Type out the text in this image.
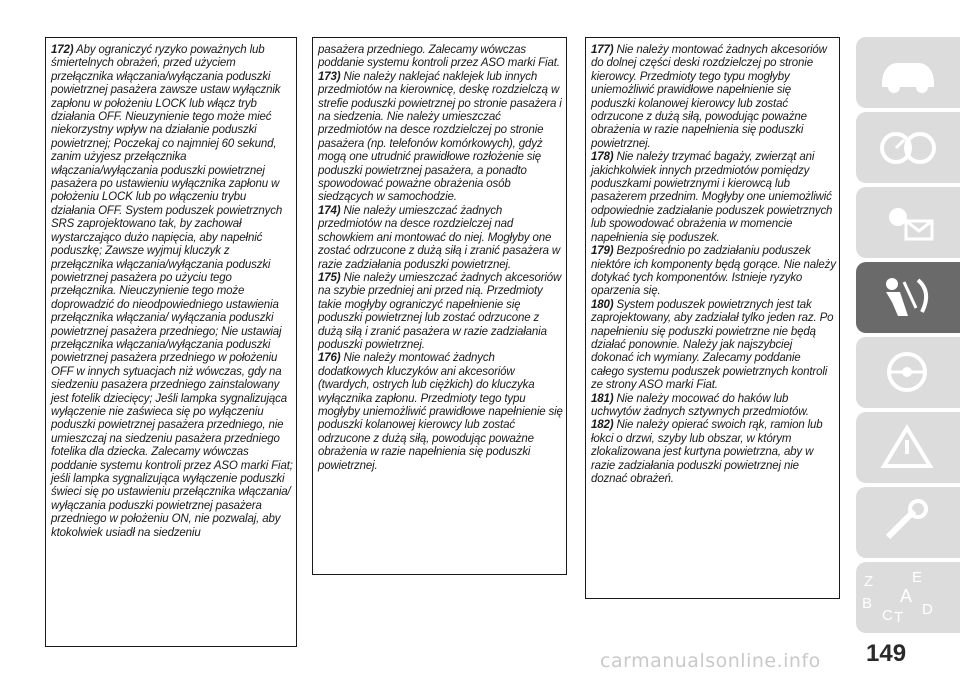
172) Aby ograniczyć ryzyko poważnych lub śmiertelnych obrażeń, przed użyciem przełącznika włączania/wyłączania poduszki powietrznej pasażera zawsze ustaw wyłącznik zapłonu w położeniu LOCK lub włącz tryb działania OFF. Nieuzynienie tego może mieć niekorzystny wpływ na działanie poduszki powietrznej; Poczekaj co najmniej 60 sekund, zanim użyjesz przełącznika włączania/wyłączania poduszki powietrznej pasażera po ustawieniu wyłącznika zapłonu w położeniu LOCK lub po włączeniu trybu działania OFF. System poduszek powietrznych SRS zaprojektowano tak, by zachował wystarczająco dużo napięcia, aby napełnić poduszkę; Zawsze wyjmuj kluczyk z przełącznika włączania/wyłączania poduszki powietrznej pasażera po użyciu tego przełącznika. Nieuczynienie tego może doprowadzić do nieodpowiedniego ustawienia przełącznika włączania/ wyłączania poduszki powietrznej pasażera przedniego; Nie ustawiaj przełącznika włączania/wyłączania poduszki powietrznej pasażera przedniego w położeniu OFF w innych sytuacjach niż wówczas, gdy na siedzeniu pasażera przedniego zainstalowany jest fotelik dziecięcy; Jeśli lampka sygnalizująca wyłączenie nie zaświeca się po wyłączeniu poduszki powietrznej pasażera przedniego, nie umieszczaj na siedzeniu pasażera przedniego fotelika dla dziecka. Zalecamy wówczas poddanie systemu kontroli przez ASO marki Fiat; jeśli lampka sygnalizująca wyłączenie poduszki świeci się po ustawieniu przełącznika włączania/ wyłączania poduszki powietrznej pasażera przedniego w położeniu ON, nie pozwalaj, aby ktokolwiek usiadł na siedzeniu

pasażera przedniego. Zalecamy wówczas poddanie systemu kontroli przez ASO marki Fiat.

173) Nie należy naklejać naklejek lub innych przedmiotów na kierownicę, deskę rozdzielczą w strefie poduszki powietrznej po stronie pasażera i na siedzenia. Nie należy umieszczać przedmiotów na desce rozdzielczej po stronie pasażera (np. telefonów komórkowych), gdyż mogą one utrudnić prawidłowe rozłożenie się poduszki powietrznej pasażera, a ponadto spowodować poważne obrażenia osób siedzących w samochodzie.

174) Nie należy umieszczać żadnych przedmiotów na desce rozdzielczej nad schowkiem ani montować do niej. Mogłyby one zostać odrzucone z dużą siłą i zranić pasażera w razie zadziałania poduszki powietrznej.

175) Nie należy umieszczać żadnych akcesoriów na szybie przedniej ani przed nią. Przedmioty takie mogłyby ograniczyć napełnienie się poduszki powietrznej lub zostać odrzucone z dużą siłą i zranić pasażera w razie zadziałania poduszki powietrznej.

176) Nie należy montować żadnych dodatkowych kluczyków ani akcesoriów (twardych, ostrych lub ciężkich) do kluczyka wyłącznika zapłonu. Przedmioty tego typu mogłyby uniemożliwić prawidłowe napełnienie się poduszki kolanowej kierowcy lub zostać odrzucone z dużą siłą, powodując poważne obrażenia w razie napełnienia się poduszki powietrznej.

177) Nie należy montować żadnych akcesoriów do dolnej części deski rozdzielczej po stronie kierowcy. Przedmioty tego typu mogłyby uniemożliwić prawidłowe napełnienie się poduszki kolanowej kierowcy lub zostać odrzucone z dużą siłą, powodując poważne obrażenia w razie napełnienia się poduszki powietrznej.

178) Nie należy trzymać bagaży, zwierząt ani jakichkolwiek innych przedmiotów pomiędzy poduszkami powietrznymi i kierowcą lub pasażerem przednim. Mogłyby one uniemożliwić odpowiednie zadziałanie poduszek powietrznych lub spowodować obrażenia w momencie napełnienia się poduszek.

179) Bezpośrednio po zadziałaniu poduszek niektóre ich komponenty będą gorące. Nie należy dotykać tych komponentów. Istnieje ryzyko oparzenia się.

180) System poduszek powietrznych jest tak zaprojektowany, aby zadziałał tylko jeden raz. Po napełnieniu się poduszki powietrzne nie będą działać ponownie. Należy jak najszybciej dokonać ich wymiany. Zalecamy poddanie całego systemu poduszek powietrznych kontroli ze strony ASO marki Fiat.

181) Nie należy mocować do haków lub uchwytów żadnych sztywnych przedmiotów.

182) Nie należy opierać swoich rąk, ramion lub łokci o drzwi, szyby lub obszar, w którym zlokalizowana jest kurtyna powietrzna, aby w razie zadziałania poduszki powietrznej nie doznać obrażeń.

Z	E
B A
C T D
149
carmanualsonline.info
